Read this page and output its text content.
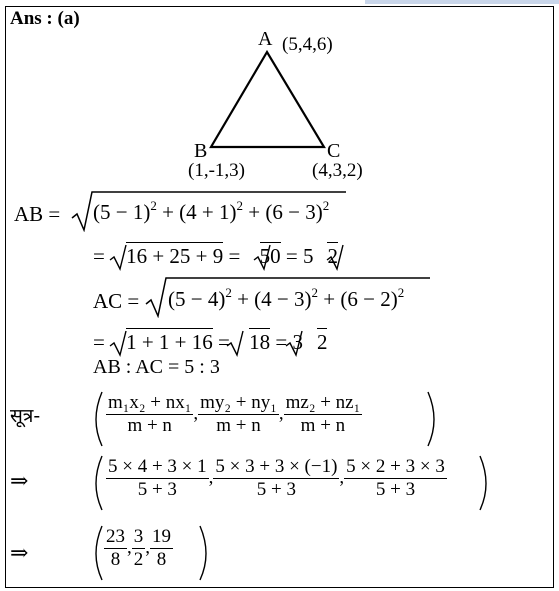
Ans : (a)
A (5,4,6)
B
(1,-1,3)
C
(4,3,2)
AB = $(5 - 1)^2 + (4 + 1)^2 + (6 - 3)^2$
= 16 + 25 + 9 = 50 = 5 2
AC = $(5 - 4)^2 + (4 - 3)^2 + (6 - 2)^2$
= 1 + 1 + 16 = 18 = 3 2
AB : AC = 5 : 3
सूत्र-	$\frac{\text{m₁x₂ + nx₁}}{m + n}$ , $\frac{\text{my₂ + ny₁}}{m + n}$ , $\frac{\text{mz₂ + nz₁}}{m + n}$
⇒	$\frac{5 \times 4 + 3 \times 1}{5 + 3}$ , $\frac{5 \times 3 + 3 \times (-1)}{5 + 3}$ , $\frac{5 \times 2 + 3 \times 3}{5 + 3}$
⇒	$\frac{23}{8}$ , $\frac{3}{2}$ , $\frac{19}{8}$
